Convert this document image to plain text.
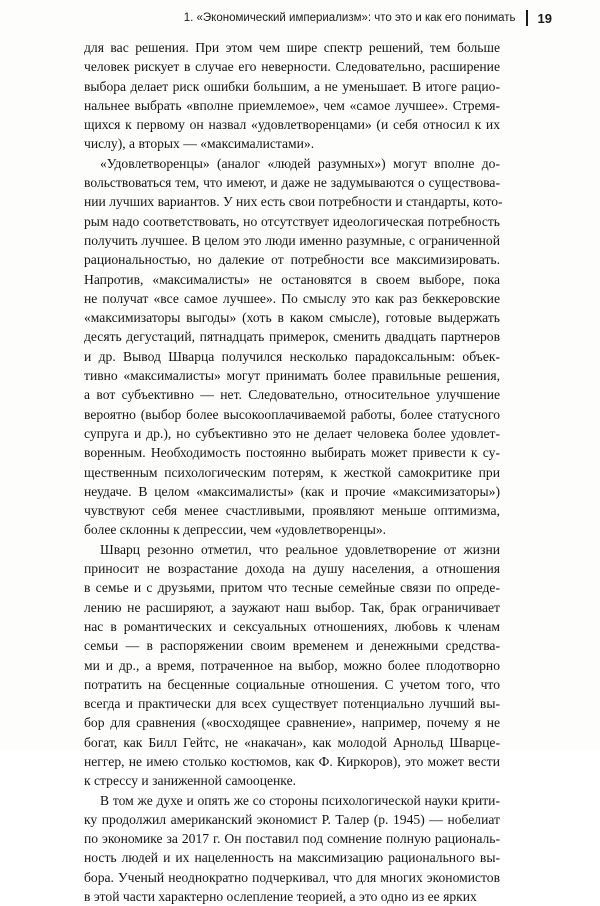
1. «Экономический империализм»: что это и как его понимать 19
для вас решения. При этом чем шире спектр решений, тем больше
человек рискует в случае его неверности. Следовательно, расширение
выбора делает риск ошибки большим, а не уменьшает. В итоге рацио-
нальнее выбрать «вполне приемлемое», чем «самое лучшее». Стремя-
щихся к первому он назвал «удовлетворенцами» (и себя относил к их
числу), а вторых — «максималистами».
«Удовлетворенцы» (аналог «людей разумных») могут вполне до-
вольствоваться тем, что имеют, и даже не задумываются о существова-
нии лучших вариантов. У них есть свои потребности и стандарты, кото-
рым надо соответствовать, но отсутствует идеологическая потребность
получить лучшее. В целом это люди именно разумные, с ограниченной
рациональностью, но далекие от потребности все максимизировать.
Напротив, «максималисты» не остановятся в своем выборе, пока
не получат «все самое лучшее». По смыслу это как раз беккеровские
«максимизаторы выгоды» (хоть в каком смысле), готовые выдержать
десять дегустаций, пятнадцать примерок, сменить двадцать партнеров
и др. Вывод Шварца получился несколько парадоксальным: объек-
тивно «максималисты» могут принимать более правильные решения,
а вот субъективно — нет. Следовательно, относительное улучшение
вероятно (выбор более высокооплачиваемой работы, более статусного
супруга и др.), но субъективно это не делает человека более удовлет-
воренным. Необходимость постоянно выбирать может привести к су-
щественным психологическим потерям, к жесткой самокритике при
неудаче. В целом «максималисты» (как и прочие «максимизаторы»)
чувствуют себя менее счастливыми, проявляют меньше оптимизма,
более склонны к депрессии, чем «удовлетворенцы».
Шварц резонно отметил, что реальное удовлетворение от жизни
приносит не возрастание дохода на душу населения, а отношения
в семье и с друзьями, притом что тесные семейные связи по опреде-
лению не расширяют, а заужают наш выбор. Так, брак ограничивает
нас в романтических и сексуальных отношениях, любовь к членам
семьи — в распоряжении своим временем и денежными средства-
ми и др., а время, потраченное на выбор, можно более плодотворно
потратить на бесценные социальные отношения. С учетом того, что
всегда и практически для всех существует потенциально лучший вы-
бор для сравнения («восходящее сравнение», например, почему я не
богат, как Билл Гейтс, не «накачан», как молодой Арнольд Шварце-
неггер, не имею столько костюмов, как Ф. Киркоров), это может вести
к стрессу и заниженной самооценке.
В том же духе и опять же со стороны психологической науки крити-
ку продолжил американский экономист Р. Талер (р. 1945) — нобелиат
по экономике за 2017 г. Он поставил под сомнение полную рациональ-
ность людей и их нацеленность на максимизацию рационального вы-
бора. Ученый неоднократно подчеркивал, что для многих экономистов
в этой части характерно ослепление теорией, а это одно из ее ярких
